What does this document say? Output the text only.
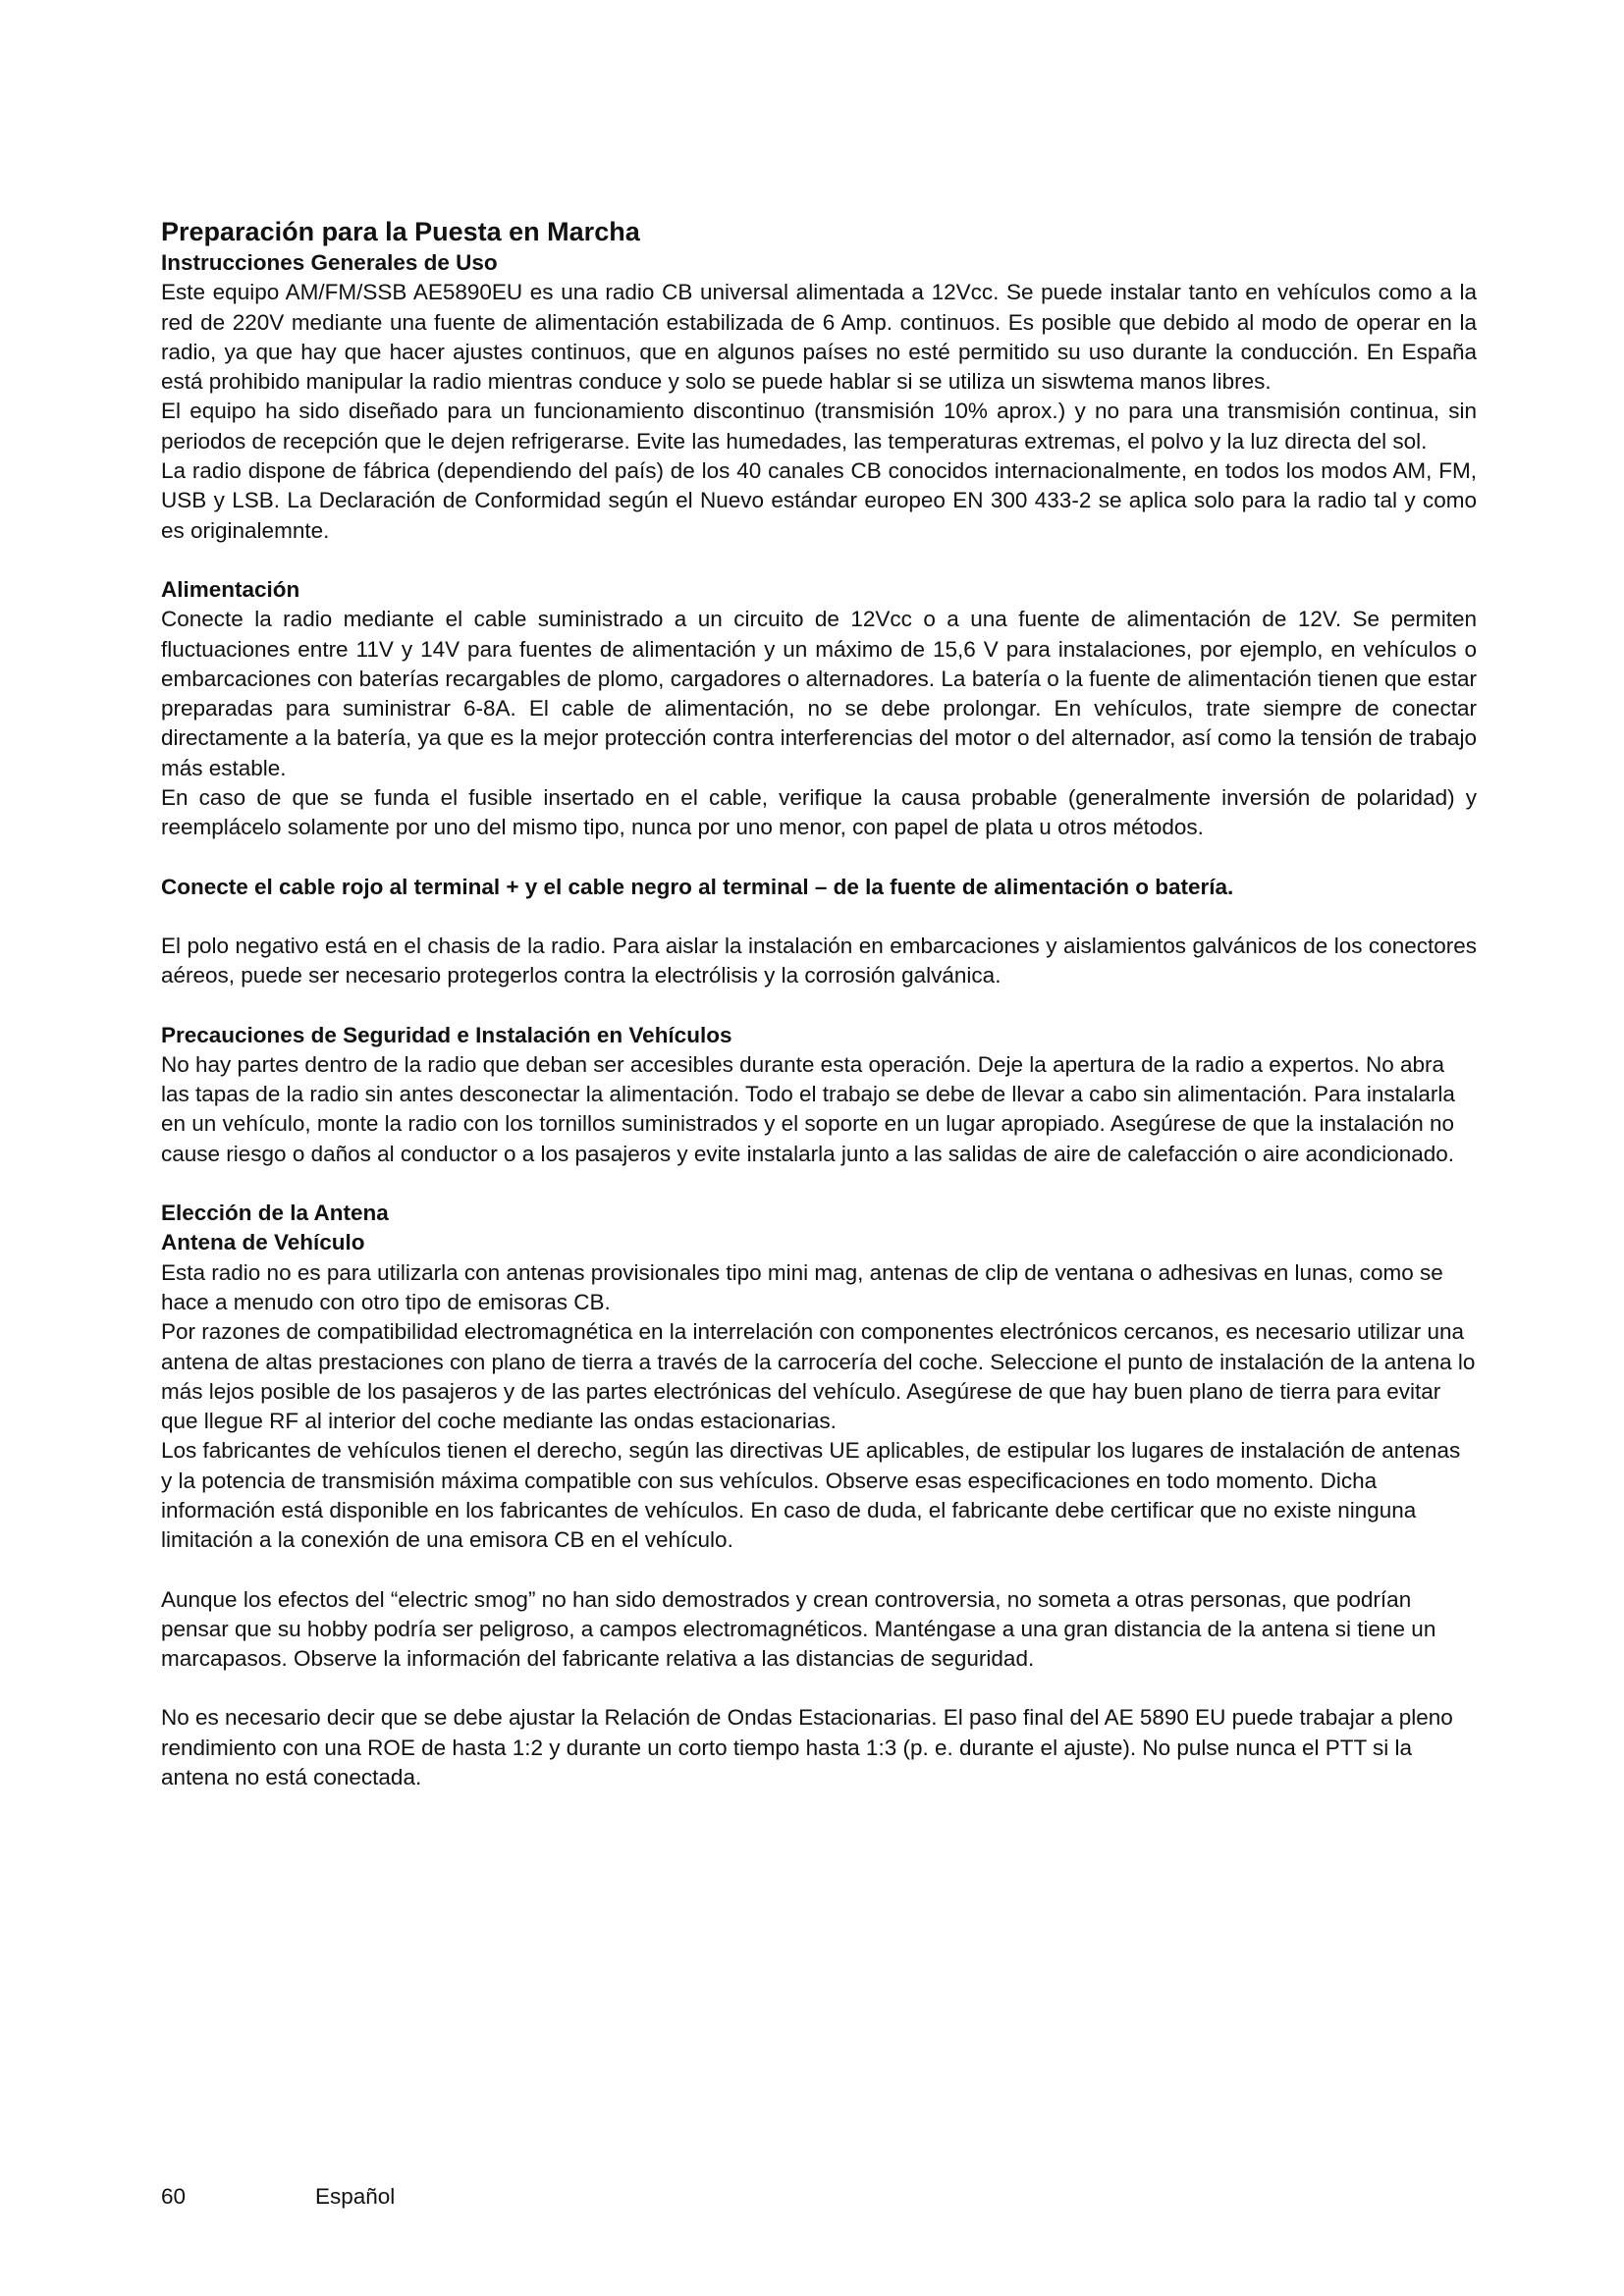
Preparación para la Puesta en Marcha
Instrucciones Generales de Uso

Este equipo AM/FM/SSB AE5890EU es una radio CB universal alimentada a 12Vcc. Se puede instalar tanto en vehículos como a la red de 220V mediante una fuente de alimentación estabilizada de 6 Amp. continuos. Es posible que debido al modo de operar en la radio, ya que hay que hacer ajustes continuos, que en algunos países no esté permitido su uso durante la conducción. En España está prohibido manipular la radio mientras conduce y solo se puede hablar si se utiliza un siswtema manos libres.

El equipo ha sido diseñado para un funcionamiento discontinuo (transmisión 10% aprox.) y no para una transmisión continua, sin periodos de recepción que le dejen refrigerarse. Evite las humedades, las temperaturas extremas, el polvo y la luz directa del sol.

La radio dispone de fábrica (dependiendo del país) de los 40 canales CB conocidos internacionalmente, en todos los modos AM, FM, USB y LSB. La Declaración de Conformidad según el Nuevo estándar europeo EN 300 433-2 se aplica solo para la radio tal y como es originalemnte.

Alimentación

Conecte la radio mediante el cable suministrado a un circuito de 12Vcc o a una fuente de alimentación de 12V. Se permiten fluctuaciones entre 11V y 14V para fuentes de alimentación y un máximo de 15,6 V para instalaciones, por ejemplo, en vehículos o embarcaciones con baterías recargables de plomo, cargadores o alternadores. La batería o la fuente de alimentación tienen que estar preparadas para suministrar 6-8A. El cable de alimentación, no se debe prolongar. En vehículos, trate siempre de conectar directamente a la batería, ya que es la mejor protección contra interferencias del motor o del alternador, así como la tensión de trabajo más estable.

En caso de que se funda el fusible insertado en el cable, verifique la causa probable (generalmente inversión de polaridad) y reemplácelo solamente por uno del mismo tipo, nunca por uno menor, con papel de plata u otros métodos.

Conecte el cable rojo al terminal + y el cable negro al terminal – de la fuente de alimentación o batería.

El polo negativo está en el chasis de la radio. Para aislar la instalación en embarcaciones y aislamientos galvánicos de los conectores aéreos, puede ser necesario protegerlos contra la electrólisis y la corrosión galvánica.

Precauciones de Seguridad e Instalación en Vehículos

No hay partes dentro de la radio que deban ser accesibles durante esta operación. Deje la apertura de la radio a expertos. No abra las tapas de la radio sin antes desconectar la alimentación. Todo el trabajo se debe de llevar a cabo sin alimentación. Para instalarla en un vehículo, monte la radio con los tornillos suministrados y el soporte en un lugar apropiado. Asegúrese de que la instalación no cause riesgo o daños al conductor o a los pasajeros y evite instalarla junto a las salidas de aire de calefacción o aire acondicionado.

Elección de la Antena
Antena de Vehículo

Esta radio no es para utilizarla con antenas provisionales tipo mini mag, antenas de clip de ventana o adhesivas en lunas, como se hace a menudo con otro tipo de emisoras CB.

Por razones de compatibilidad electromagnética en la interrelación con componentes electrónicos cercanos, es necesario utilizar una antena de altas prestaciones con plano de tierra a través de la carrocería del coche. Seleccione el punto de instalación de la antena lo más lejos posible de los pasajeros y de las partes electrónicas del vehículo. Asegúrese de que hay buen plano de tierra para evitar que llegue RF al interior del coche mediante las ondas estacionarias.

Los fabricantes de vehículos tienen el derecho, según las directivas UE aplicables, de estipular los lugares de instalación de antenas y la potencia de transmisión máxima compatible con sus vehículos. Observe esas especificaciones en todo momento. Dicha información está disponible en los fabricantes de vehículos. En caso de duda, el fabricante debe certificar que no existe ninguna limitación a la conexión de una emisora CB en el vehículo.

Aunque los efectos del “electric smog” no han sido demostrados y crean controversia, no someta a otras personas, que podrían pensar que su hobby podría ser peligroso, a campos electromagnéticos. Manténgase a una gran distancia de la antena si tiene un marcapasos. Observe la información del fabricante relativa a las distancias de seguridad.

No es necesario decir que se debe ajustar la Relación de Ondas Estacionarias. El paso final del AE 5890 EU puede trabajar a pleno rendimiento con una ROE de hasta 1:2 y durante un corto tiempo hasta 1:3 (p. e. durante el ajuste). No pulse nunca el PTT si la antena no está conectada.

60	Español
